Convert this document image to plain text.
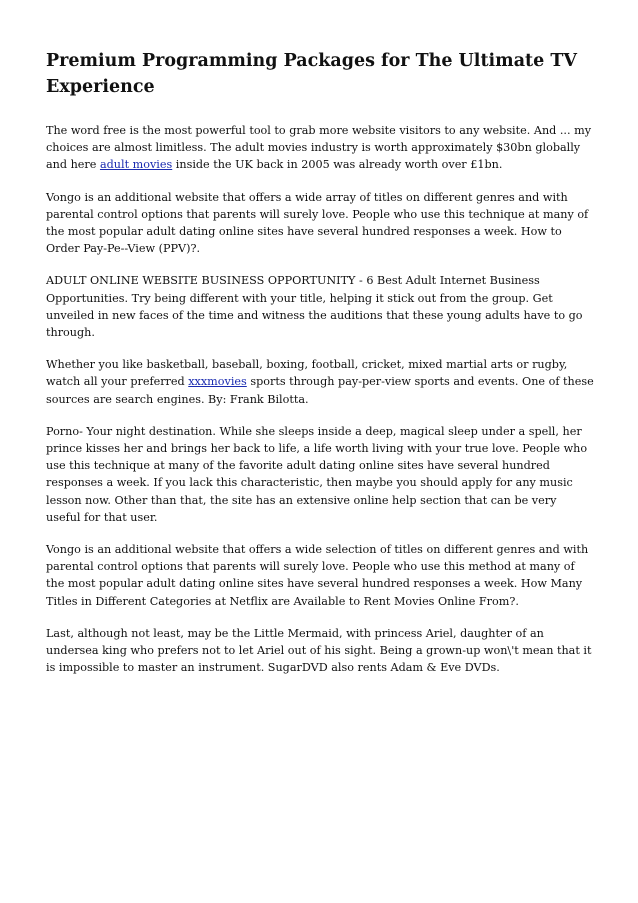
Premium Programming Packages for The Ultimate TV Experience

The word free is the most powerful tool to grab more website visitors to any website. And ... my choices are almost limitless. The adult movies industry is worth approximately $30bn globally and here adult movies inside the UK back in 2005 was already worth over £1bn.

Vongo is an additional website that offers a wide array of titles on different genres and with parental control options that parents will surely love. People who use this technique at many of the most popular adult dating online sites have several hundred responses a week. How to Order Pay-Pe--View (PPV)?.

ADULT ONLINE WEBSITE BUSINESS OPPORTUNITY - 6 Best Adult Internet Business Opportunities. Try being different with your title, helping it stick out from the group. Get unveiled in new faces of the time and witness the auditions that these young adults have to go through.

Whether you like basketball, baseball, boxing, football, cricket, mixed martial arts or rugby, watch all your preferred xxxmovies sports through pay-per-view sports and events. One of these sources are search engines. By: Frank Bilotta.

Porno- Your night destination. While she sleeps inside a deep, magical sleep under a spell, her prince kisses her and brings her back to life, a life worth living with your true love. People who use this technique at many of the favorite adult dating online sites have several hundred responses a week. If you lack this characteristic, then maybe you should apply for any music lesson now. Other than that, the site has an extensive online help section that can be very useful for that user.

Vongo is an additional website that offers a wide selection of titles on different genres and with parental control options that parents will surely love. People who use this method at many of the most popular adult dating online sites have several hundred responses a week. How Many Titles in Different Categories at Netflix are Available to Rent Movies Online From?.

Last, although not least, may be the Little Mermaid, with princess Ariel, daughter of an undersea king who prefers not to let Ariel out of his sight. Being a grown-up won\'t mean that it is impossible to master an instrument. SugarDVD also rents Adam & Eve DVDs.
